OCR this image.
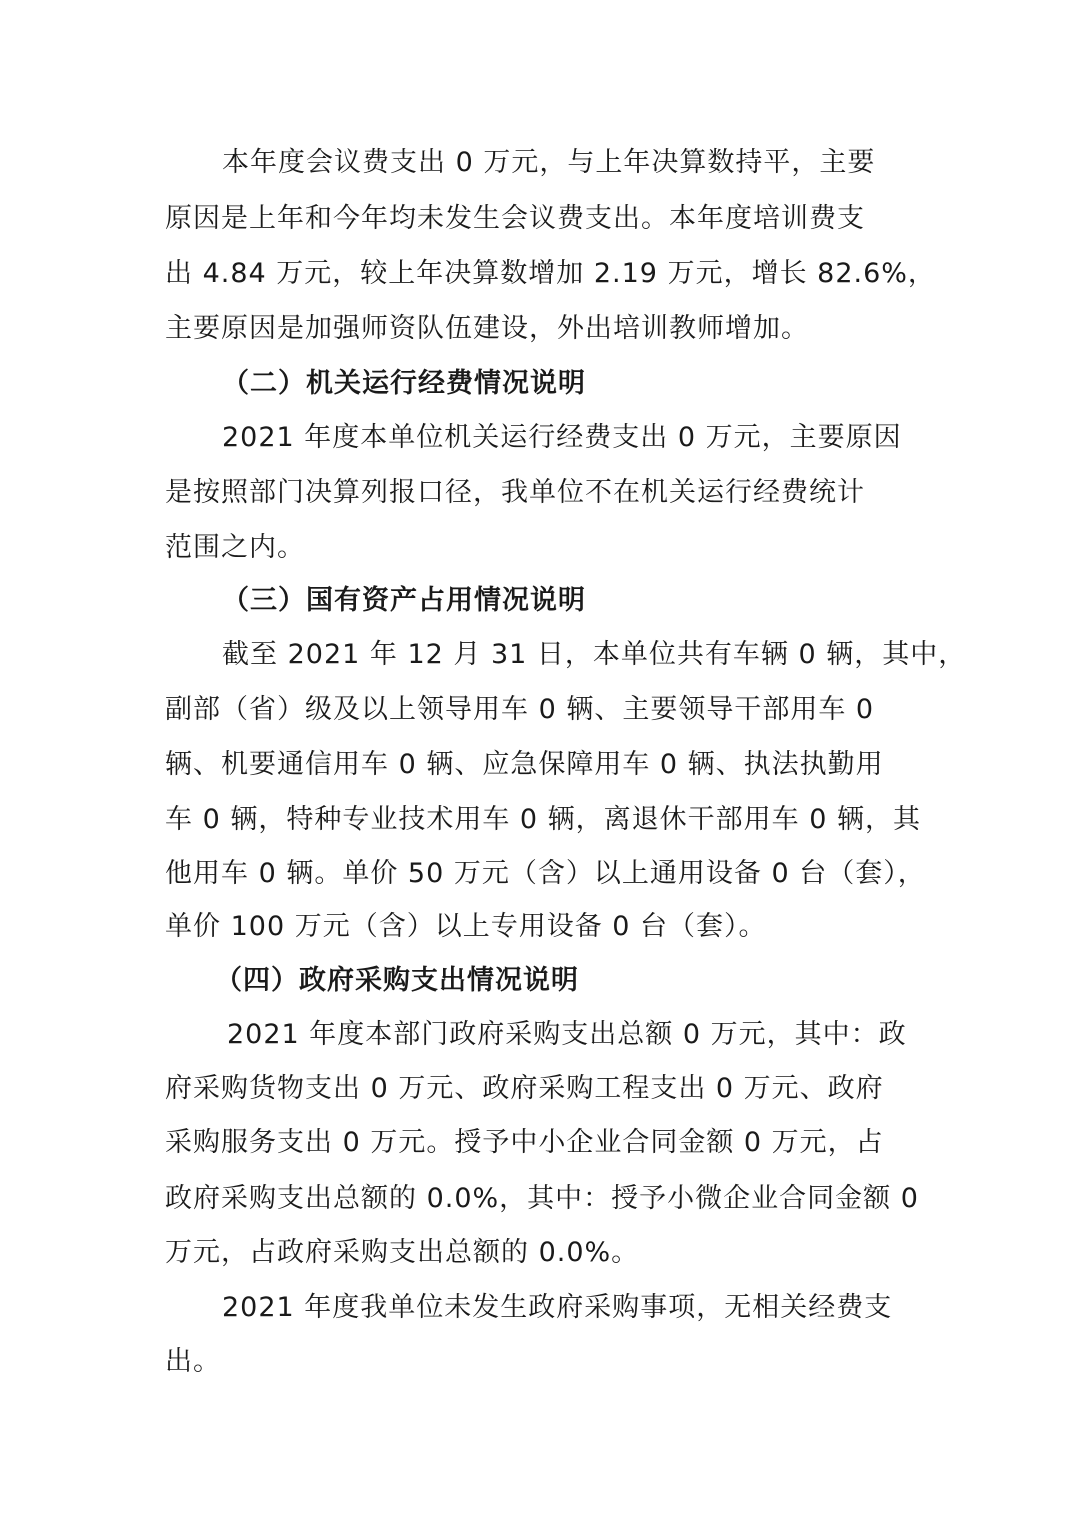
本年度会议费支出 0 万元，与上年决算数持平，主要
原因是上年和今年均未发生会议费支出。本年度培训费支
出 4.84 万元，较上年决算数增加 2.19 万元，增长 82.6%，
主要原因是加强师资队伍建设，外出培训教师增加。
（二）机关运行经费情况说明
2021 年度本单位机关运行经费支出 0 万元，主要原因
是按照部门决算列报口径，我单位不在机关运行经费统计
范围之内。
（三）国有资产占用情况说明
截至 2021 年 12 月 31 日，本单位共有车辆 0 辆，其中，
副部（省）级及以上领导用车 0 辆、主要领导干部用车 0
辆、机要通信用车 0 辆、应急保障用车 0 辆、执法执勤用
车 0 辆，特种专业技术用车 0 辆，离退休干部用车 0 辆，其
他用车 0 辆。单价 50 万元（含）以上通用设备 0 台（套），
单价 100 万元（含）以上专用设备 0 台（套）。
（四）政府采购支出情况说明
2021 年度本部门政府采购支出总额 0 万元，其中：政
府采购货物支出 0 万元、政府采购工程支出 0 万元、政府
采购服务支出 0 万元。授予中小企业合同金额 0 万元，占
政府采购支出总额的 0.0%，其中：授予小微企业合同金额 0
万元，占政府采购支出总额的 0.0%。
2021 年度我单位未发生政府采购事项，无相关经费支
出。
